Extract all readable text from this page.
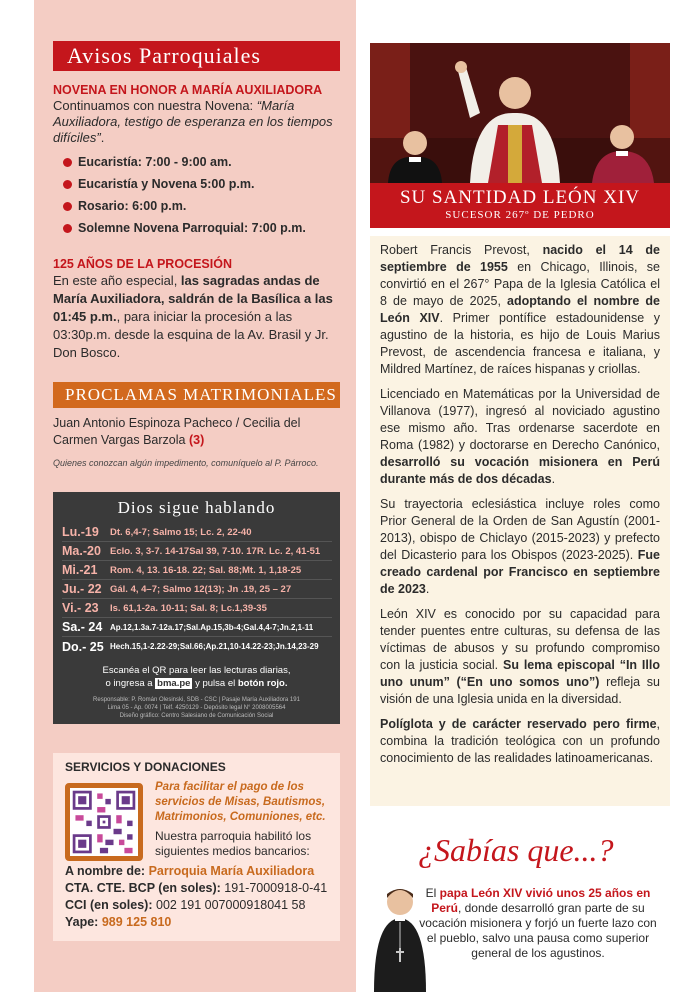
Avisos Parroquiales
NOVENA EN HONOR A MARÍA AUXILIADORA
Continuamos con nuestra Novena: “María Auxiliadora, testigo de esperanza en los tiempos difíciles”.
Eucaristía: 7:00 - 9:00 am.
Eucaristía y Novena 5:00 p.m.
Rosario: 6:00 p.m.
Solemne Novena Parroquial: 7:00 p.m.
125 AÑOS DE LA PROCESIÓN
En este año especial, las sagradas andas de María Auxiliadora, saldrán de la Basílica a las 01:45 p.m., para iniciar la procesión a las 03:30p.m. desde la esquina de la Av. Brasil y Jr. Don Bosco.
PROCLAMAS MATRIMONIALES
Juan Antonio Espinoza Pacheco / Cecilia del Carmen Vargas Barzola (3)
Quienes conozcan algún impedimento, comuníquelo al P. Párroco.
Dios sigue hablando
Lu.-19	Dt. 6,4-7; Salmo 15; Lc. 2, 22-40
Ma.-20 Eclo. 3, 3-7. 14-17Sal 39, 7-10. 17R. Lc. 2, 41-51
Mi.-21	Rom. 4, 13. 16-18. 22; Sal. 88;Mt. 1, 1,18-25
Ju.- 22 Gál. 4, 4–7; Salmo 12(13); Jn .19, 25 – 27
Vi.- 23	Is. 61,1-2a. 10-11; Sal. 8; Lc.1,39-35
Sa.- 24 Ap.12,1.3a.7-12a.17;Sal.Ap.15,3b-4;Gal.4,4-7;Jn.2,1-11
Do.- 25 Hech.15,1-2.22-29;Sal.66;Ap.21,10-14.22-23;Jn.14,23-29
Escanéa el QR para leer las lecturas diarias,
o ingresa a bma.pe y pulsa el botón rojo.
Responsable: P. Román Olesinski, SDB - CSC | Pasaje María Auxiliadora 191
Lima 05 - Ap. 0074 | Telf. 4250129 - Depósito legal N° 2008005564
Diseño gráfico: Centro Salesiano de Comunicación Social
SERVICIOS Y DONACIONES
Para facilitar el pago de los servicios de Misas, Bautismos, Matrimonios, Comuniones, etc.
Nuestra parroquia habilitó los siguientes medios bancarios:
A nombre de: Parroquia María Auxiliadora
CTA. CTE. BCP (en soles): 191-7000918-0-41
CCI (en soles): 002 191 007000918041 58
Yape: 989 125 810
SU SANTIDAD LEÓN XIV
SUCESOR 267º DE PEDRO

Robert Francis Prevost, nacido el 14 de septiembre de 1955 en Chicago, Illinois, se convirtió en el 267° Papa de la Iglesia Católica el 8 de mayo de 2025, adoptando el nombre de León XIV. Primer pontífice estadounidense y agustino de la historia, es hijo de Louis Marius Prevost, de ascendencia francesa e italiana, y Mildred Martínez, de raíces hispanas y criollas.

Licenciado en Matemáticas por la Universidad de Villanova (1977), ingresó al noviciado agustino ese mismo año. Tras ordenarse sacerdote en Roma (1982) y doctorarse en Derecho Canónico, desarrolló su vocación misionera en Perú durante más de dos décadas.

Su trayectoria eclesiástica incluye roles como Prior General de la Orden de San Agustín (2001-2013), obispo de Chiclayo (2015-2023) y prefecto del Dicasterio para los Obispos (2023-2025). Fue creado cardenal por Francisco en septiembre de 2023.

León XIV es conocido por su capacidad para tender puentes entre culturas, su defensa de las víctimas de abusos y su profundo compromiso con la justicia social. Su lema episcopal “In Illo uno unum” (“En uno somos uno”) refleja su visión de una Iglesia unida en la diversidad.

Políglota y de carácter reservado pero firme, combina la tradición teológica con un profundo conocimiento de las realidades latinoamericanas.

¿Sabías que...?
El papa León XIV vivió unos 25 años en Perú, donde desarrolló gran parte de su vocación misionera y forjó un fuerte lazo con el pueblo, salvo una pausa como superior general de los agustinos.
